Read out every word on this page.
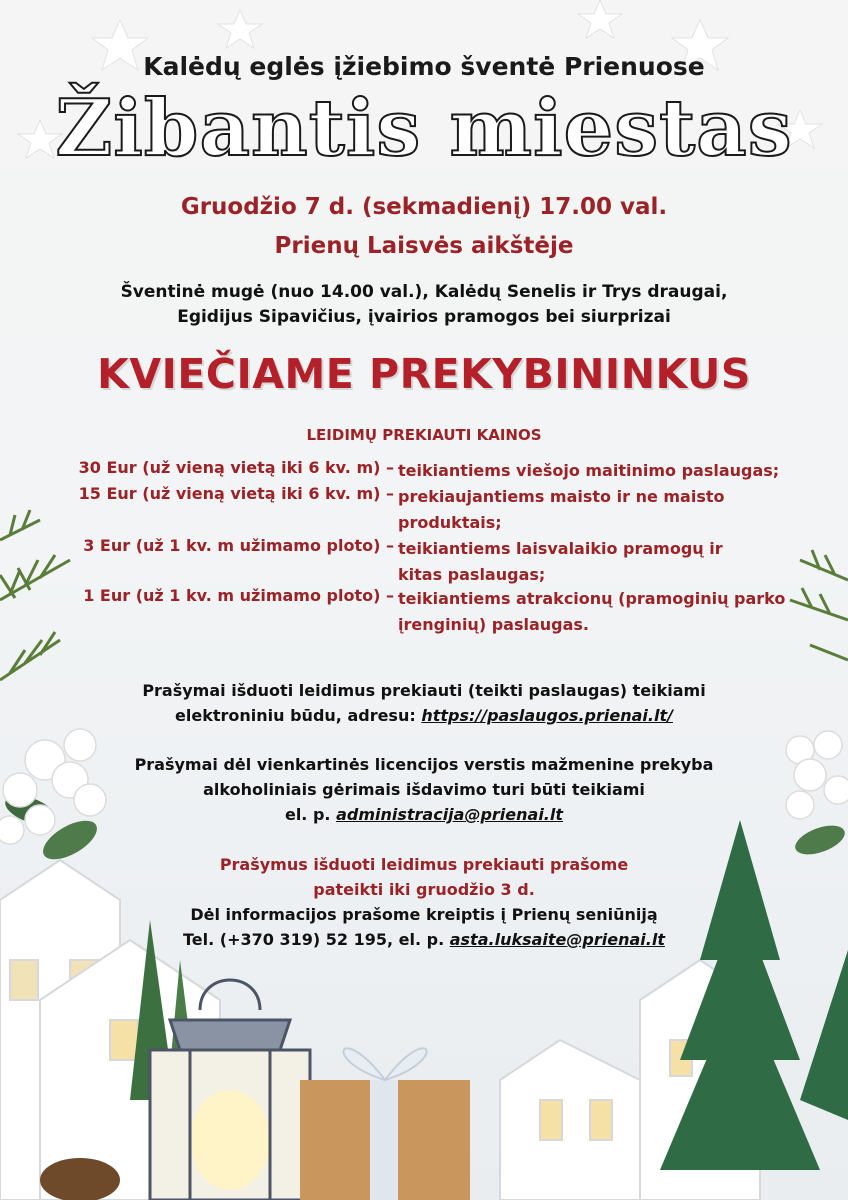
Kalėdų eglės įžiebimo šventė Prienuose
Žibantis miestas
Gruodžio 7 d. (sekmadienį) 17.00 val.
Prienų Laisvės aikštėje
Šventinė mugė (nuo 14.00 val.), Kalėdų Senelis ir Trys draugai,
Egidijus Sipavičius, įvairios pramogos bei siurprizai
KVIEČIAME PREKYBININKUS
LEIDIMŲ PREKIAUTI KAINOS
30 Eur (už vieną vietą iki 6 kv. m) – teikiantiems viešojo maitinimo paslaugas;
15 Eur (už vieną vietą iki 6 kv. m) – prekiaujantiems maisto ir ne maisto produktais;
3 Eur (už 1 kv. m užimamo ploto) – teikiantiems laisvalaikio pramogų ir kitas paslaugas;
1 Eur (už 1 kv. m užimamo ploto) – teikiantiems atrakcionų (pramoginių parko įrenginių) paslaugas.
Prašymai išduoti leidimus prekiauti (teikti paslaugas) teikiami
elektroniniu būdu, adresu: https://paslaugos.prienai.lt/
Prašymai dėl vienkartinės licencijos verstis mažmenine prekyba
alkoholiniais gėrimais išdavimo turi būti teikiami
el. p. administracija@prienai.lt
Prašymus išduoti leidimus prekiauti prašome
pateikti iki gruodžio 3 d.
Dėl informacijos prašome kreiptis į Prienų seniūniją
Tel. (+370 319) 52 195, el. p. asta.luksaite@prienai.lt
